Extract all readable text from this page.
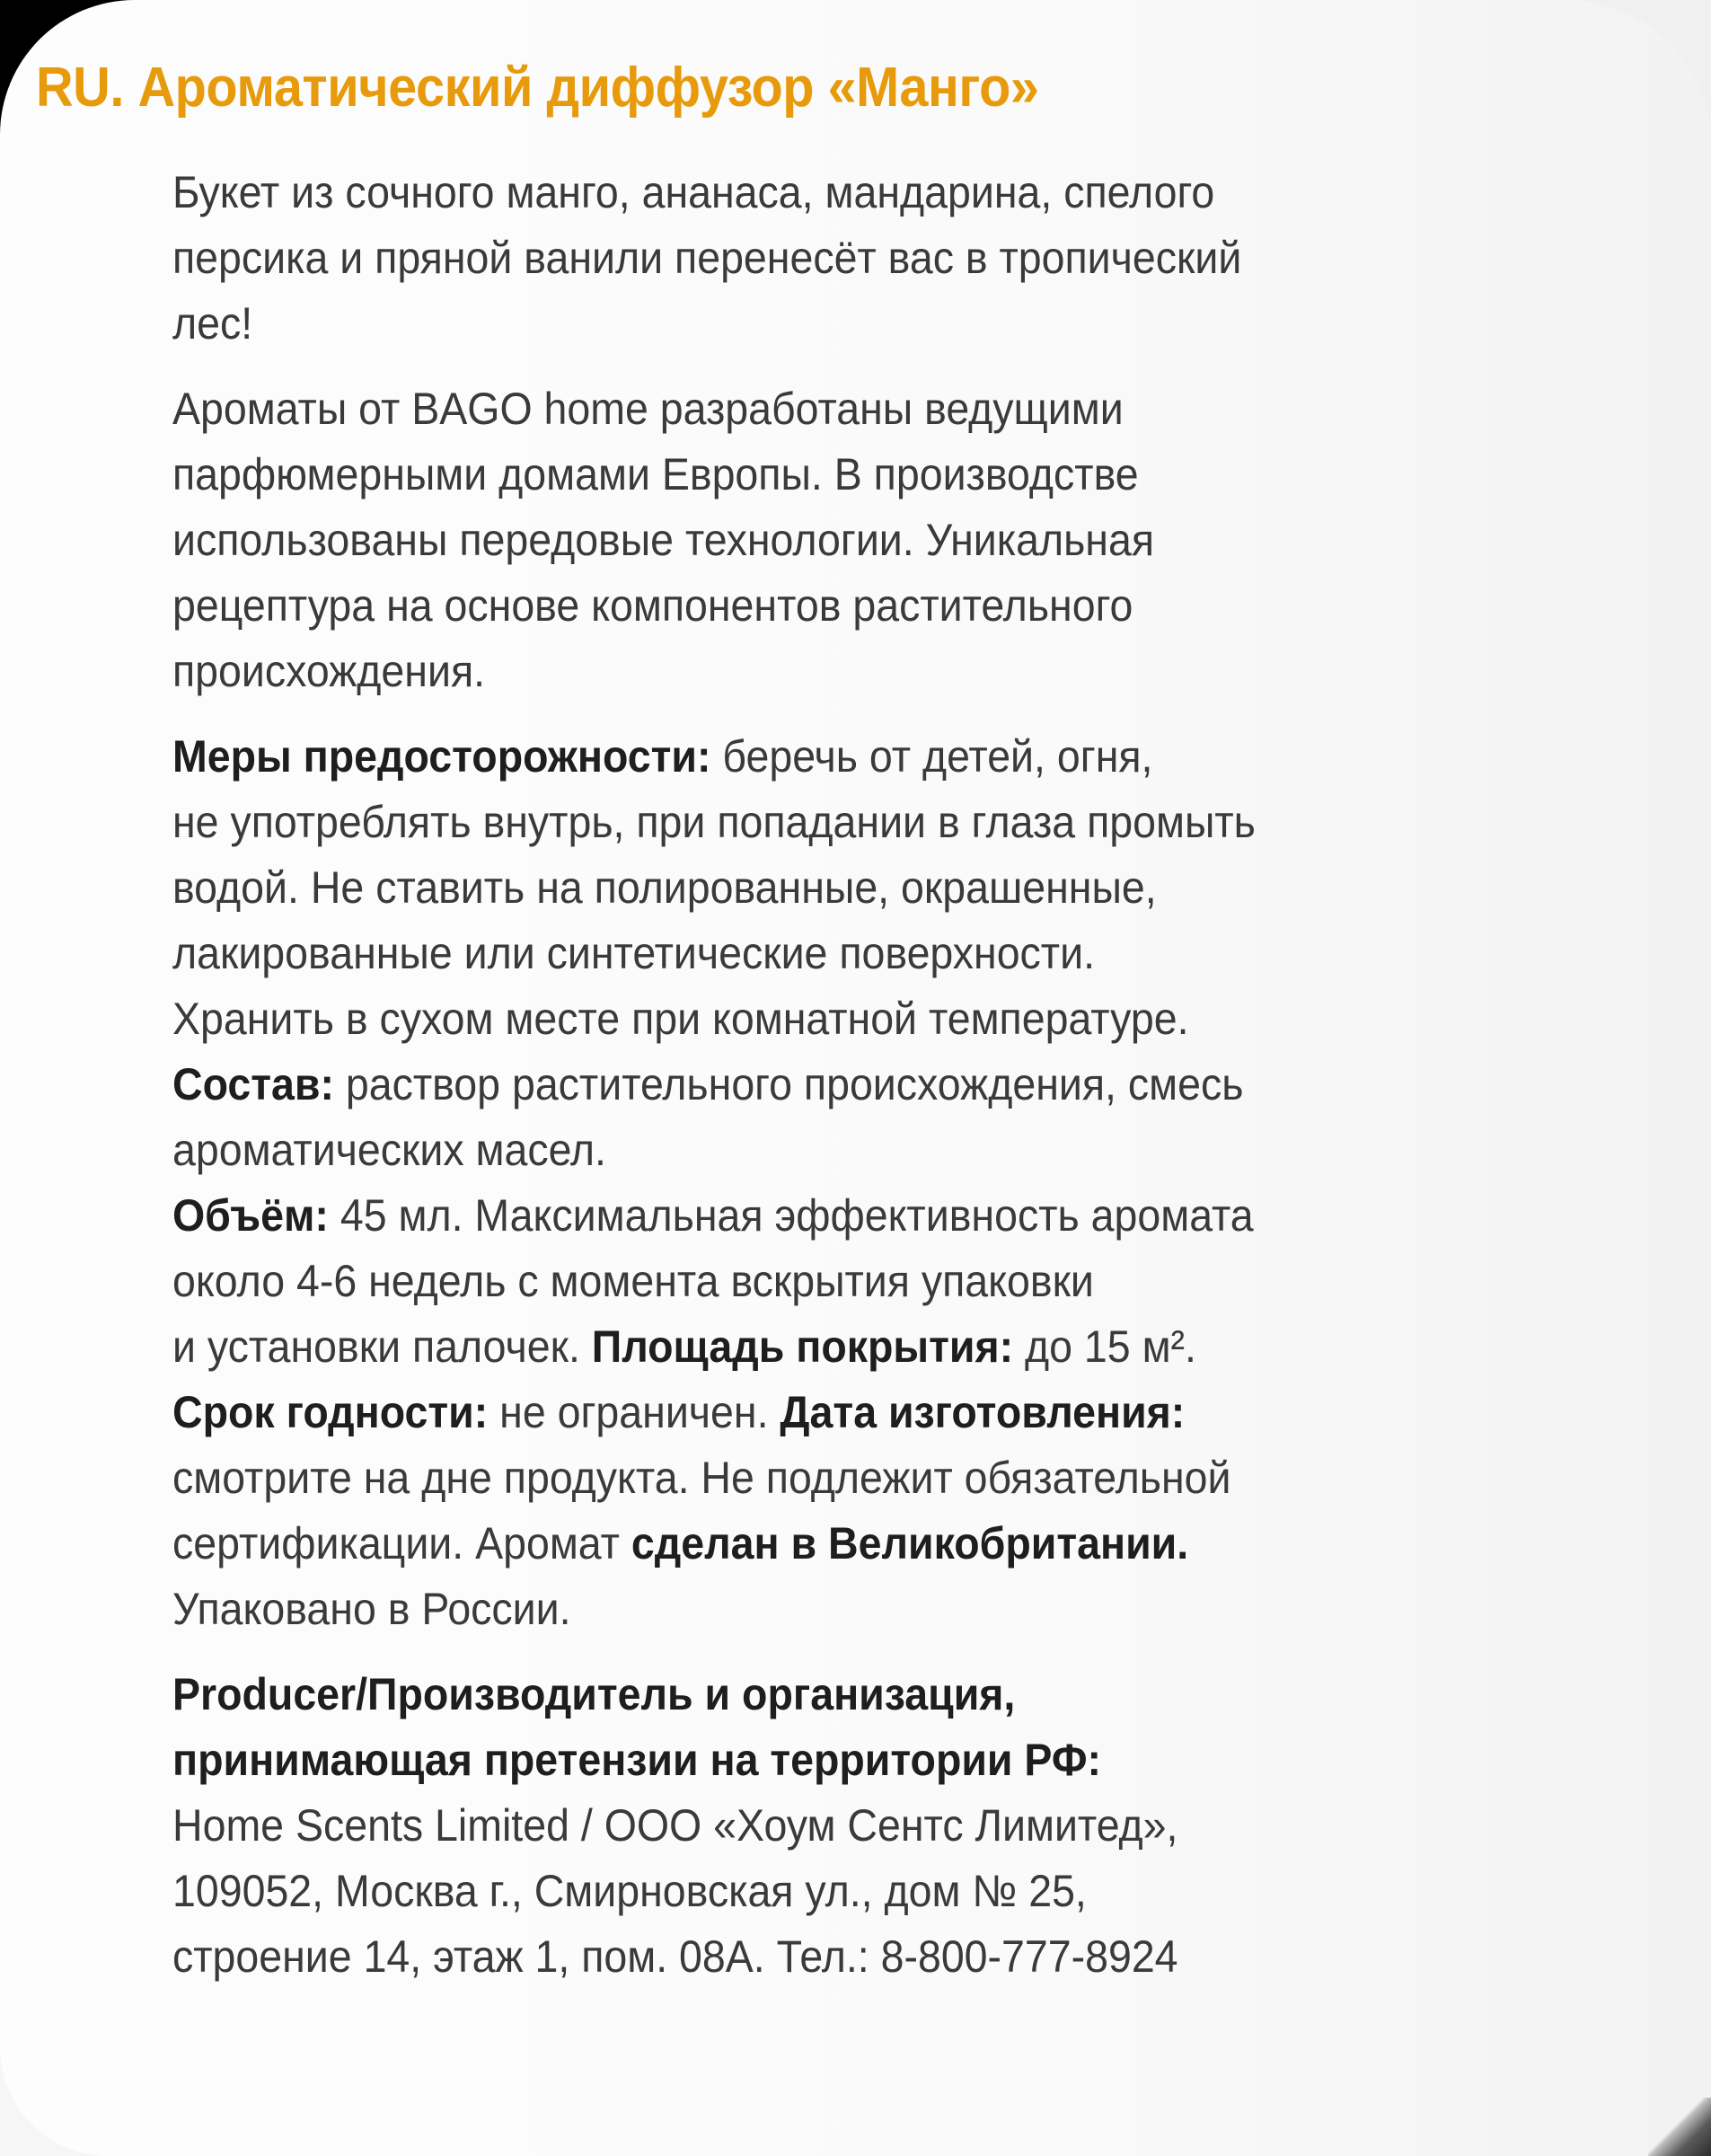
RU. Ароматический диффузор «Манго»

Букет из сочного манго, ананаса, мандарина, спелого
персика и пряной ванили перенесёт вас в тропический
лес!

Ароматы от BAGO home разработаны ведущими
парфюмерными домами Европы. В производстве
использованы передовые технологии. Уникальная
рецептура на основе компонентов растительного
происхождения.

Меры предосторожности: беречь от детей, огня,
не употреблять внутрь, при попадании в глаза промыть
водой. Не ставить на полированные, окрашенные,
лакированные или синтетические поверхности.
Хранить в сухом месте при комнатной температуре.
Состав: раствор растительного происхождения, смесь
ароматических масел.
Объём: 45 мл. Максимальная эффективность аромата
около 4-6 недель с момента вскрытия упаковки
и установки палочек. Площадь покрытия: до 15 м².
Срок годности: не ограничен. Дата изготовления:
смотрите на дне продукта. Не подлежит обязательной
сертификации. Аромат сделан в Великобритании.
Упаковано в России.

Producer/Производитель и организация,
принимающая претензии на территории РФ:
Home Scents Limited / ООО «Хоум Сентс Лимитед»,
109052, Москва г., Смирновская ул., дом № 25,
строение 14, этаж 1, пом. 08А. Тел.: 8-800-777-8924
